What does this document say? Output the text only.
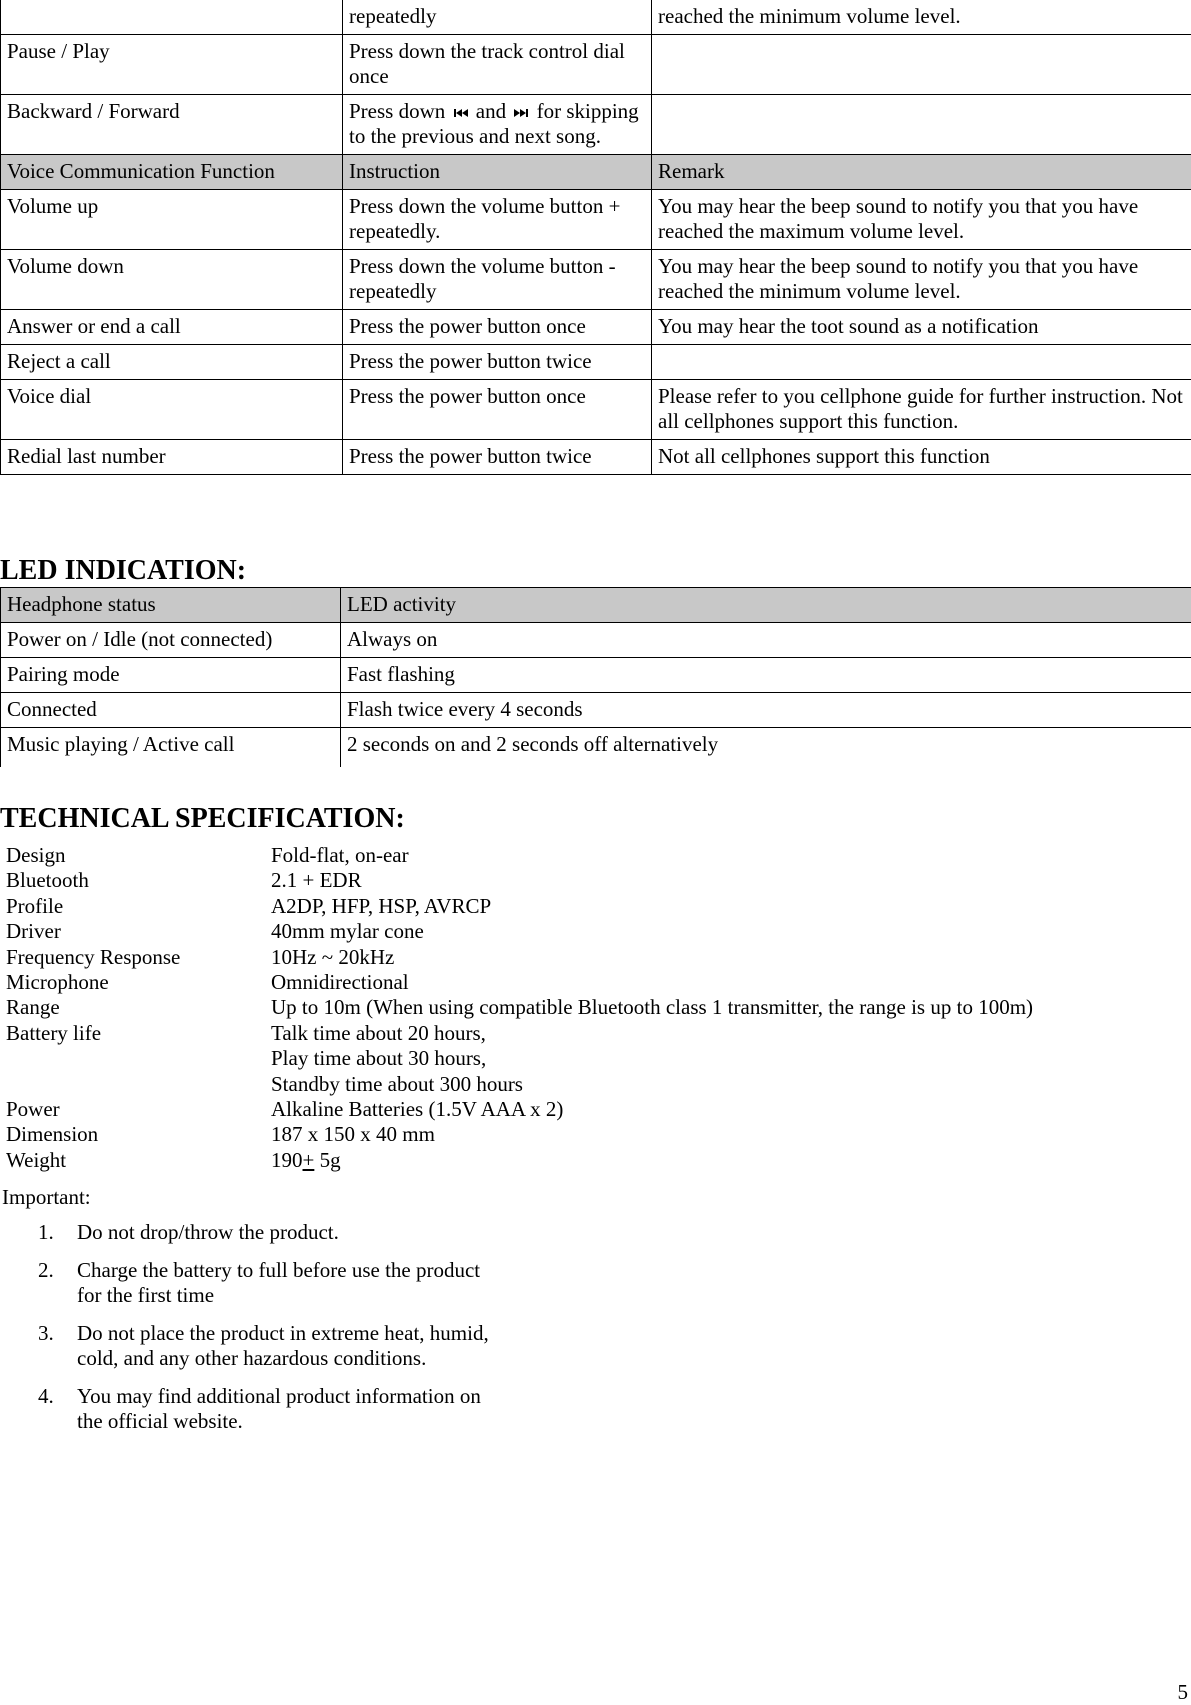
	repeatedly	reached the minimum volume level.
Pause / Play	Press down the track control dial once	
Backward / Forward	Press down and for skipping to the previous and next song.	
Voice Communication Function	Instruction	Remark
Volume up	Press down the volume button + repeatedly.	You may hear the beep sound to notify you that you have reached the maximum volume level.
Volume down	Press down the volume button - repeatedly	You may hear the beep sound to notify you that you have reached the minimum volume level.
Answer or end a call	Press the power button once	You may hear the toot sound as a notification
Reject a call	Press the power button twice	
Voice dial	Press the power button once	Please refer to you cellphone guide for further instruction. Not all cellphones support this function.
Redial last number	Press the power button twice	Not all cellphones support this function
LED INDICATION:
Headphone status	LED activity
Power on / Idle (not connected)	Always on
Pairing mode	Fast flashing
Connected	Flash twice every 4 seconds
Music playing / Active call	2 seconds on and 2 seconds off alternatively
TECHNICAL SPECIFICATION:
Design	Fold-flat, on-ear
Bluetooth	2.1 + EDR
Profile	A2DP, HFP, HSP, AVRCP
Driver	40mm mylar cone
Frequency Response	10Hz ~ 20kHz
Microphone	Omnidirectional
Range	Up to 10m (When using compatible Bluetooth class 1 transmitter, the range is up to 100m)
Battery life	Talk time about 20 hours,
Play time about 30 hours,
Standby time about 300 hours
Power	Alkaline Batteries (1.5V AAA x 2)
Dimension	187 x 150 x 40 mm
Weight	190+ 5g
Important:
1.	Do not drop/throw the product.
2.	Charge the battery to full before use the product for the first time
3.	Do not place the product in extreme heat, humid, cold, and any other hazardous conditions.
4.	You may find additional product information on the official website.
5
